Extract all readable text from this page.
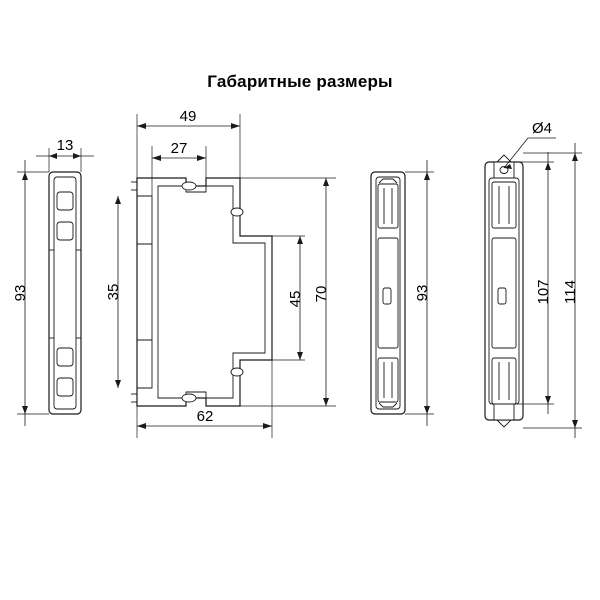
Габаритные размеры
13
93
49
27
62
35	45 70	93
Ø4
107 114
